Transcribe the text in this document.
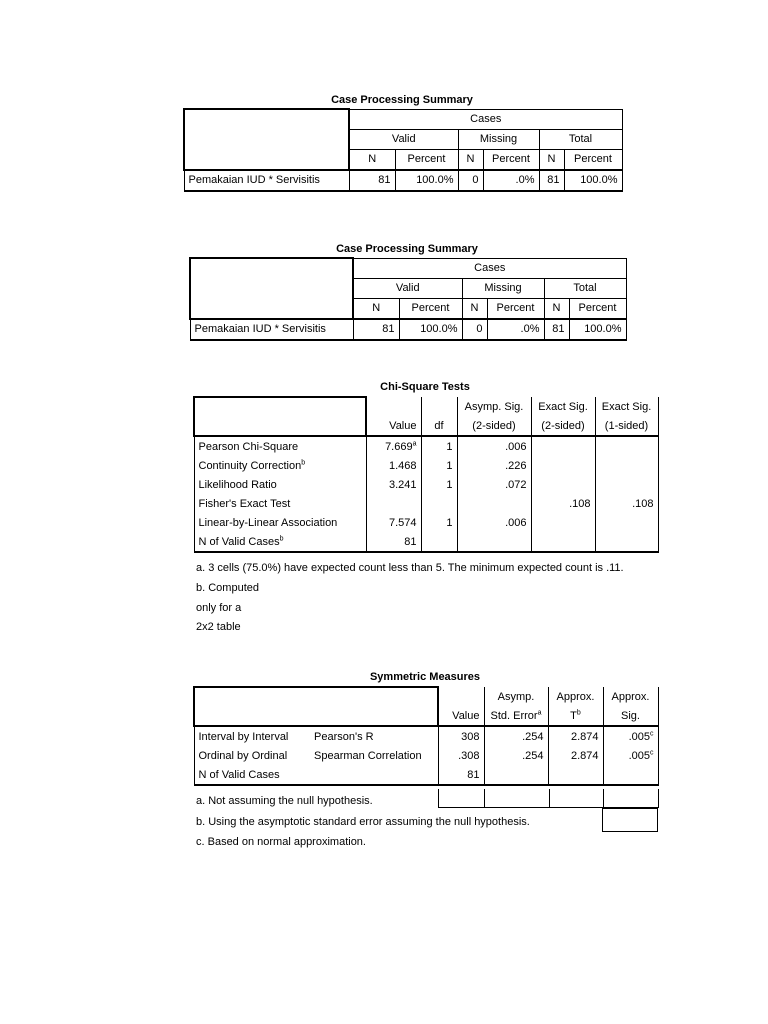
Case Processing Summary
	Cases					
	Valid		Missing		Total	
	N	Percent	N	Percent	N	Percent
Pemakaian IUD * Servisitis	81	100.0%	0	.0%	81	100.0%
Case Processing Summary
	Cases					
	Valid		Missing		Total	
	N	Percent	N	Percent	N	Percent
Pemakaian IUD * Servisitis	81	100.0%	0	.0%	81	100.0%
Chi-Square Tests
			Asymp. Sig.	Exact Sig.	Exact Sig.
	Value	df	(2-sided)	(2-sided)	(1-sided)
Pearson Chi-Square	7.669$^a$	1	.006		
Continuity Correction$^b$	1.468	1	.226		
Likelihood Ratio	3.241	1	.072		
Fisher's Exact Test				.108	.108
Linear-by-Linear Association	7.574	1	.006		
N of Valid Cases$^b$	81				
a. 3 cells (75.0%) have expected count less than 5. The minimum expected count is .11.
b. Computed
only for a
2x2 table
Symmetric Measures
			Asymp.	Approx.	Approx.
		Value	Std. Error$^a$	$T^b$	Sig.
Interval by Interval	Pearson's R	308	.254	2.874	.005$^c$
Ordinal by Ordinal	Spearman Correlation	.308	.254	2.874	.005$^c$
N of Valid Cases		81			
a. Not assuming the null hypothesis.
b. Using the asymptotic standard error assuming the null hypothesis.
c. Based on normal approximation.
